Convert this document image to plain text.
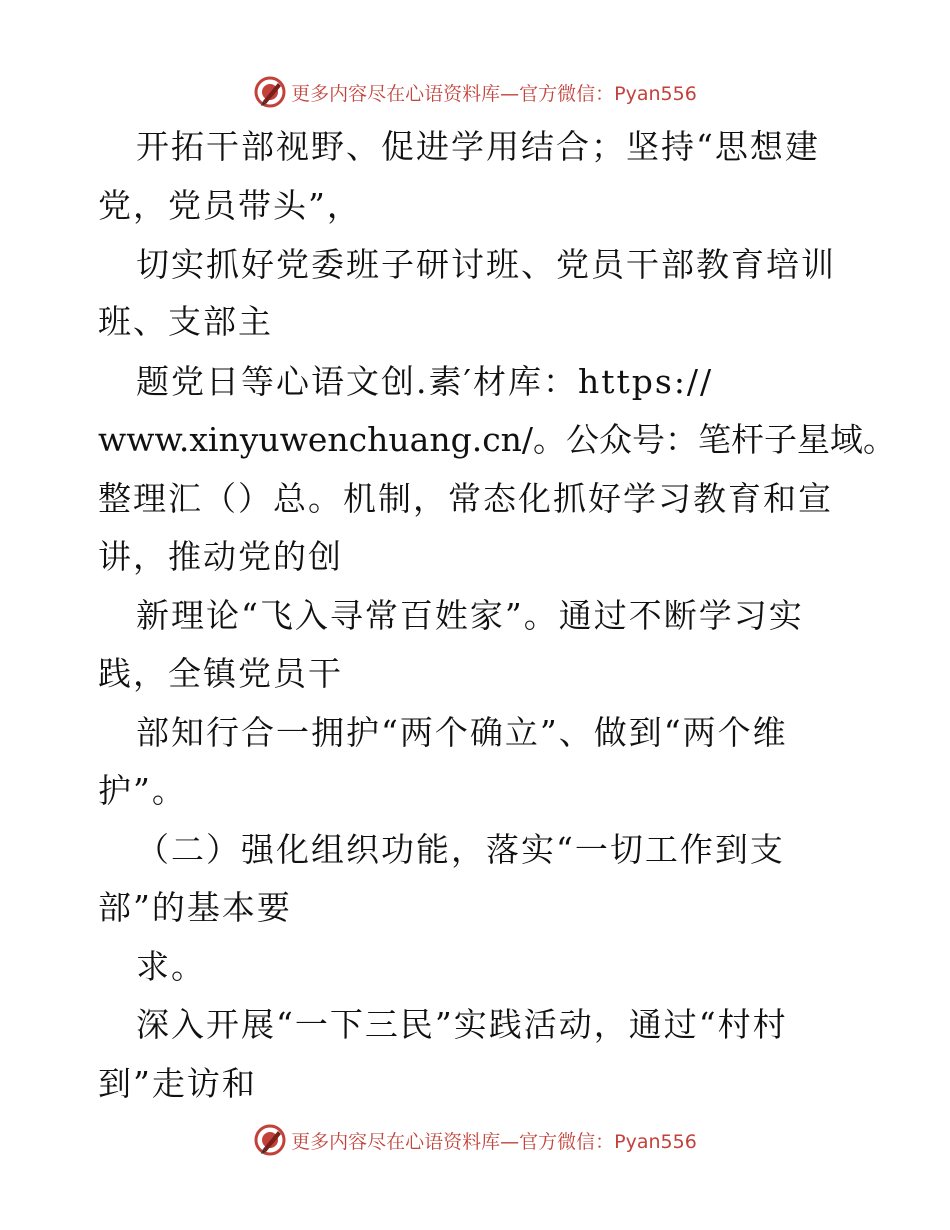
更多内容尽在心语资料库—官方微信：Pyan556
开拓干部视野、促进学用结合；坚持“思想建
党，党员带头”，
切实抓好党委班子研讨班、党员干部教育培训
班、支部主
题党日等心语文创.素′材库：https://
www.xinyuwenchuang.cn/。公众号：笔杆子星域。
整理汇（）总。机制，常态化抓好学习教育和宣
讲，推动党的创
新理论“飞入寻常百姓家”。通过不断学习实
践，全镇党员干
部知行合一拥护“两个确立”、做到“两个维
护”。
（二）强化组织功能，落实“一切工作到支
部”的基本要
求。
深入开展“一下三民”实践活动，通过“村村
到”走访和
更多内容尽在心语资料库—官方微信：Pyan556
